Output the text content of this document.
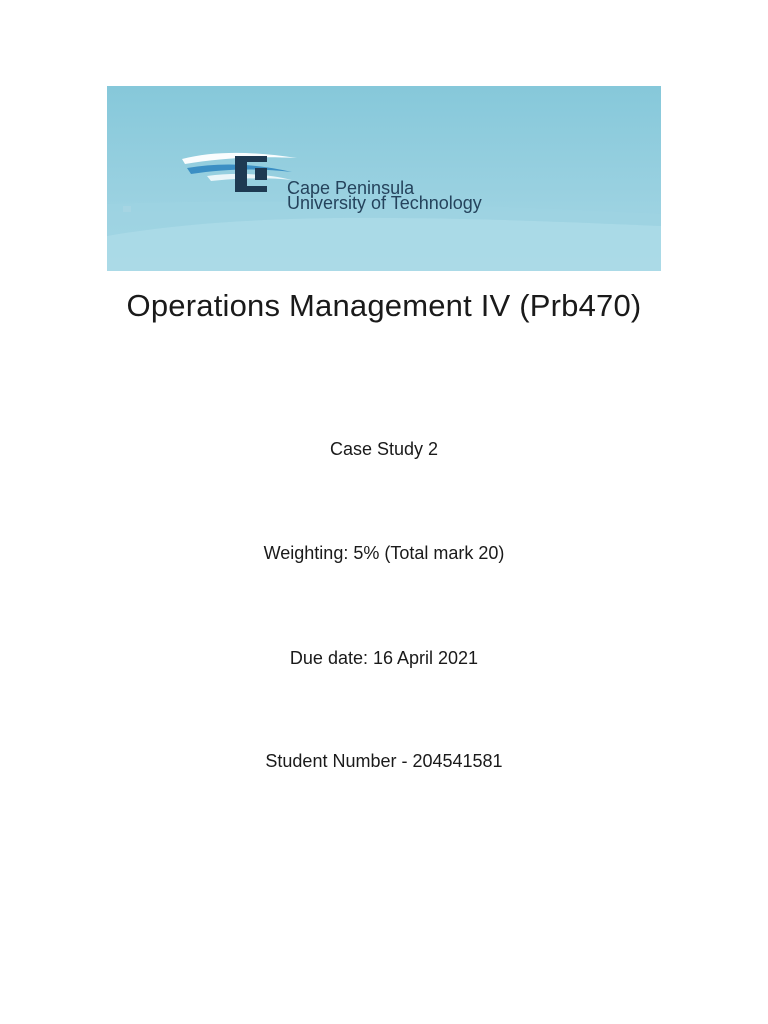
Cape Peninsula
University of Technology
Operations Management IV (Prb470)
Case Study 2
Weighting: 5% (Total mark 20)
Due date: 16 April 2021
Student Number - 204541581
